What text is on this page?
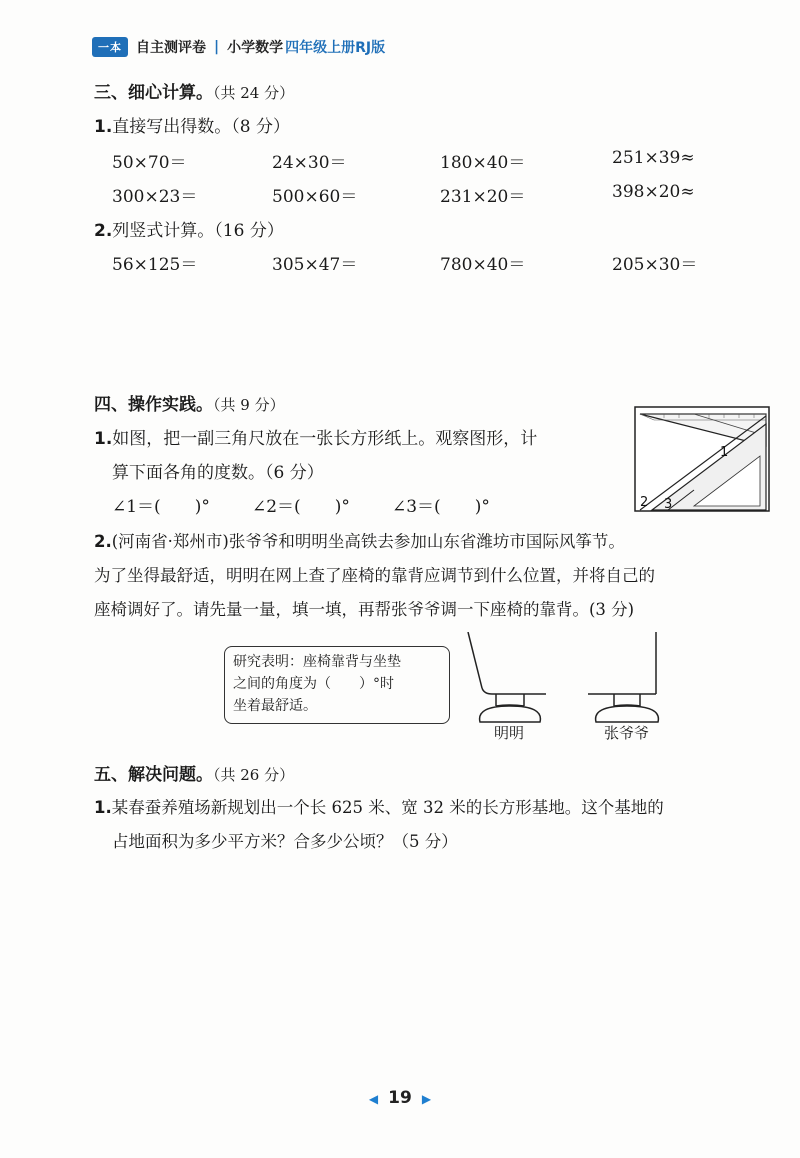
一本	自主测评卷 | 小学数学 四年级上册RJ版
三、细心计算。（共 24 分）
1.直接写出得数。（8 分）
50×70＝	24×30＝	180×40＝	251×39≈
300×23＝	500×60＝	231×20＝	398×20≈
2.列竖式计算。（16 分）
56×125＝	305×47＝	780×40＝	205×30＝
四、操作实践。（共 9 分）
1.如图，把一副三角尺放在一张长方形纸上。观察图形，计
算下面各角的度数。（6 分）
∠1＝(　　)° ∠2＝(　　)° ∠3＝(　　)°
1
2 3
2.(河南省·郑州市)张爷爷和明明坐高铁去参加山东省潍坊市国际风筝节。
为了坐得最舒适，明明在网上查了座椅的靠背应调节到什么位置，并将自己的
座椅调好了。请先量一量，填一填，再帮张爷爷调一下座椅的靠背。(3 分)
研究表明：座椅靠背与坐垫
之间的角度为（　　）°时
坐着最舒适。
明明	张爷爷
五、解决问题。（共 26 分）
1.某春蚕养殖场新规划出一个长 625 米、宽 32 米的长方形基地。这个基地的
占地面积为多少平方米？合多少公顷？（5 分）
◀ 19 ▶
